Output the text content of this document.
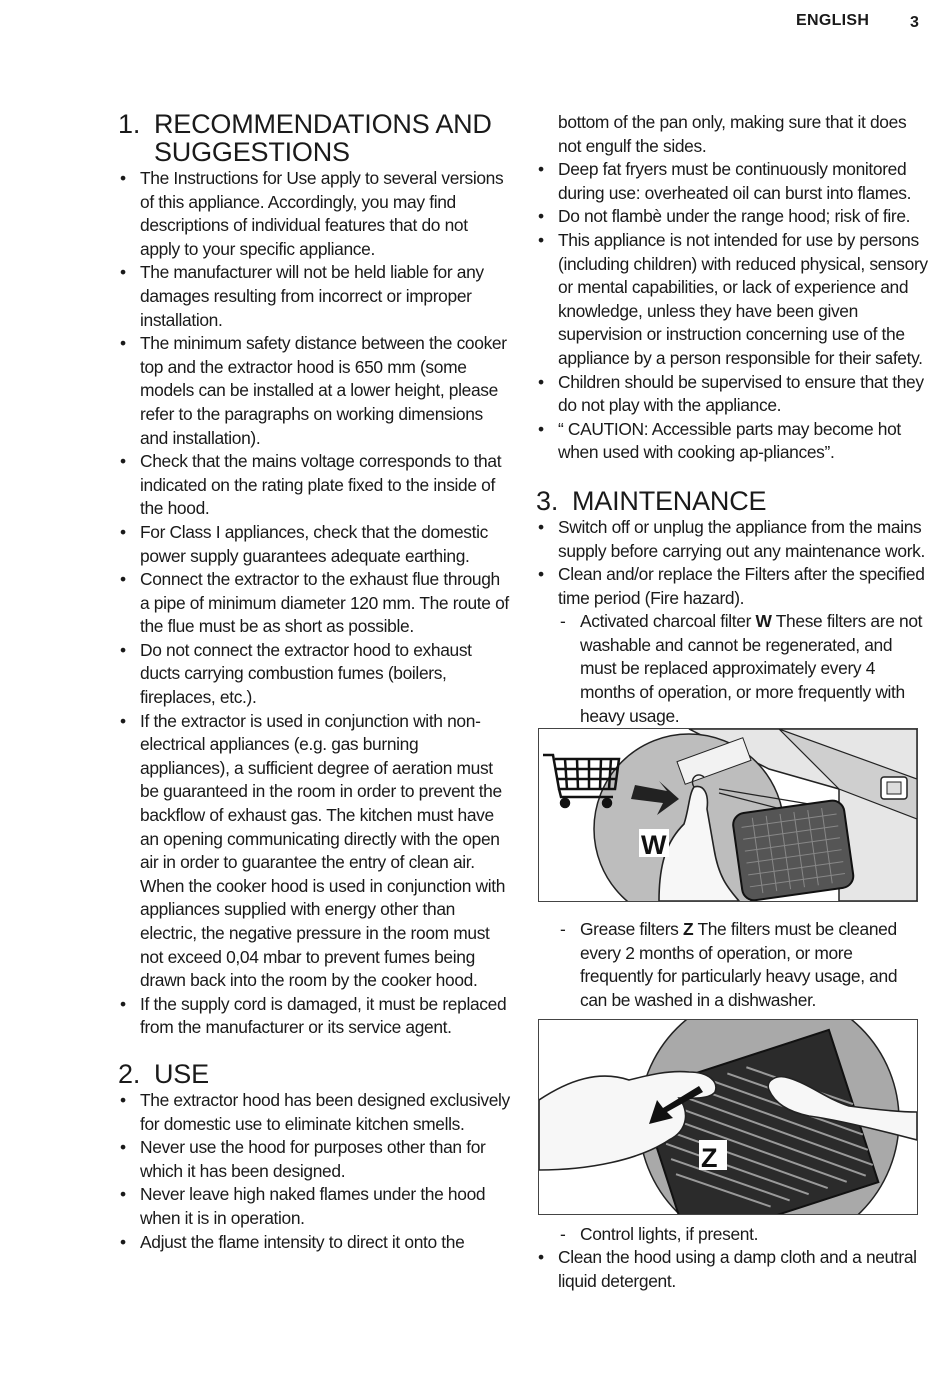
ENGLISH	3
1. RECOMMENDATIONS AND
SUGGESTIONS
• The Instructions for Use apply to several versions of this appliance. Accordingly, you may find descriptions of individual features that do not apply to your specific appliance.
• The manufacturer will not be held liable for any damages resulting from incorrect or improper installation.
• The minimum safety distance between the cooker top and the extractor hood is 650 mm (some models can be installed at a lower height, please refer to the paragraphs on working dimensions and installation).
• Check that the mains voltage corresponds to that indicated on the rating plate fixed to the inside of the hood.
• For Class I appliances, check that the domestic power supply guarantees adequate earthing.
• Connect the extractor to the exhaust flue through a pipe of minimum diameter 120 mm. The route of the flue must be as short as possible.
• Do not connect the extractor hood to exhaust ducts carrying combustion fumes (boilers, fireplaces, etc.).
• If the extractor is used in conjunction with non-electrical appliances (e.g. gas burning appliances), a sufficient degree of aeration must be guaranteed in the room in order to prevent the backflow of exhaust gas. The kitchen must have an opening communicating directly with the open air in order to guarantee the entry of clean air. When the cooker hood is used in conjunction with appliances supplied with energy other than electric, the negative pressure in the room must not exceed 0,04 mbar to prevent fumes being drawn back into the room by the cooker hood.
• If the supply cord is damaged, it must be replaced from the manufacturer or its service agent.
2. USE
• The extractor hood has been designed exclusively for domestic use to eliminate kitchen smells.
• Never use the hood for purposes other than for which it has been designed.
• Never leave high naked flames under the hood when it is in operation.
• Adjust the flame intensity to direct it onto the
bottom of the pan only, making sure that it does not engulf the sides.
• Deep fat fryers must be continuously monitored during use: overheated oil can burst into flames.
• Do not flambè under the range hood; risk of fire.
• This appliance is not intended for use by persons (including children) with reduced physical, sensory or mental capabilities, or lack of experience and knowledge, unless they have been given supervision or instruction concerning use of the appliance by a person responsible for their safety.
• Children should be supervised to ensure that they do not play with the appliance.
• “ CAUTION: Accessible parts may become hot when used with cooking ap-pliances”.
3. MAINTENANCE
• Switch off or unplug the appliance from the mains supply before carrying out any maintenance work.
• Clean and/or replace the Filters after the specified time period (Fire hazard).
- Activated charcoal filter W These filters are not washable and cannot be regenerated, and must be replaced approximately every 4 months of operation, or more frequently with heavy usage.
W
- Grease filters Z The filters must be cleaned every 2 months of operation, or more frequently for particularly heavy usage, and can be washed in a dishwasher.
Z
- Control lights, if present.
• Clean the hood using a damp cloth and a neutral liquid detergent.
